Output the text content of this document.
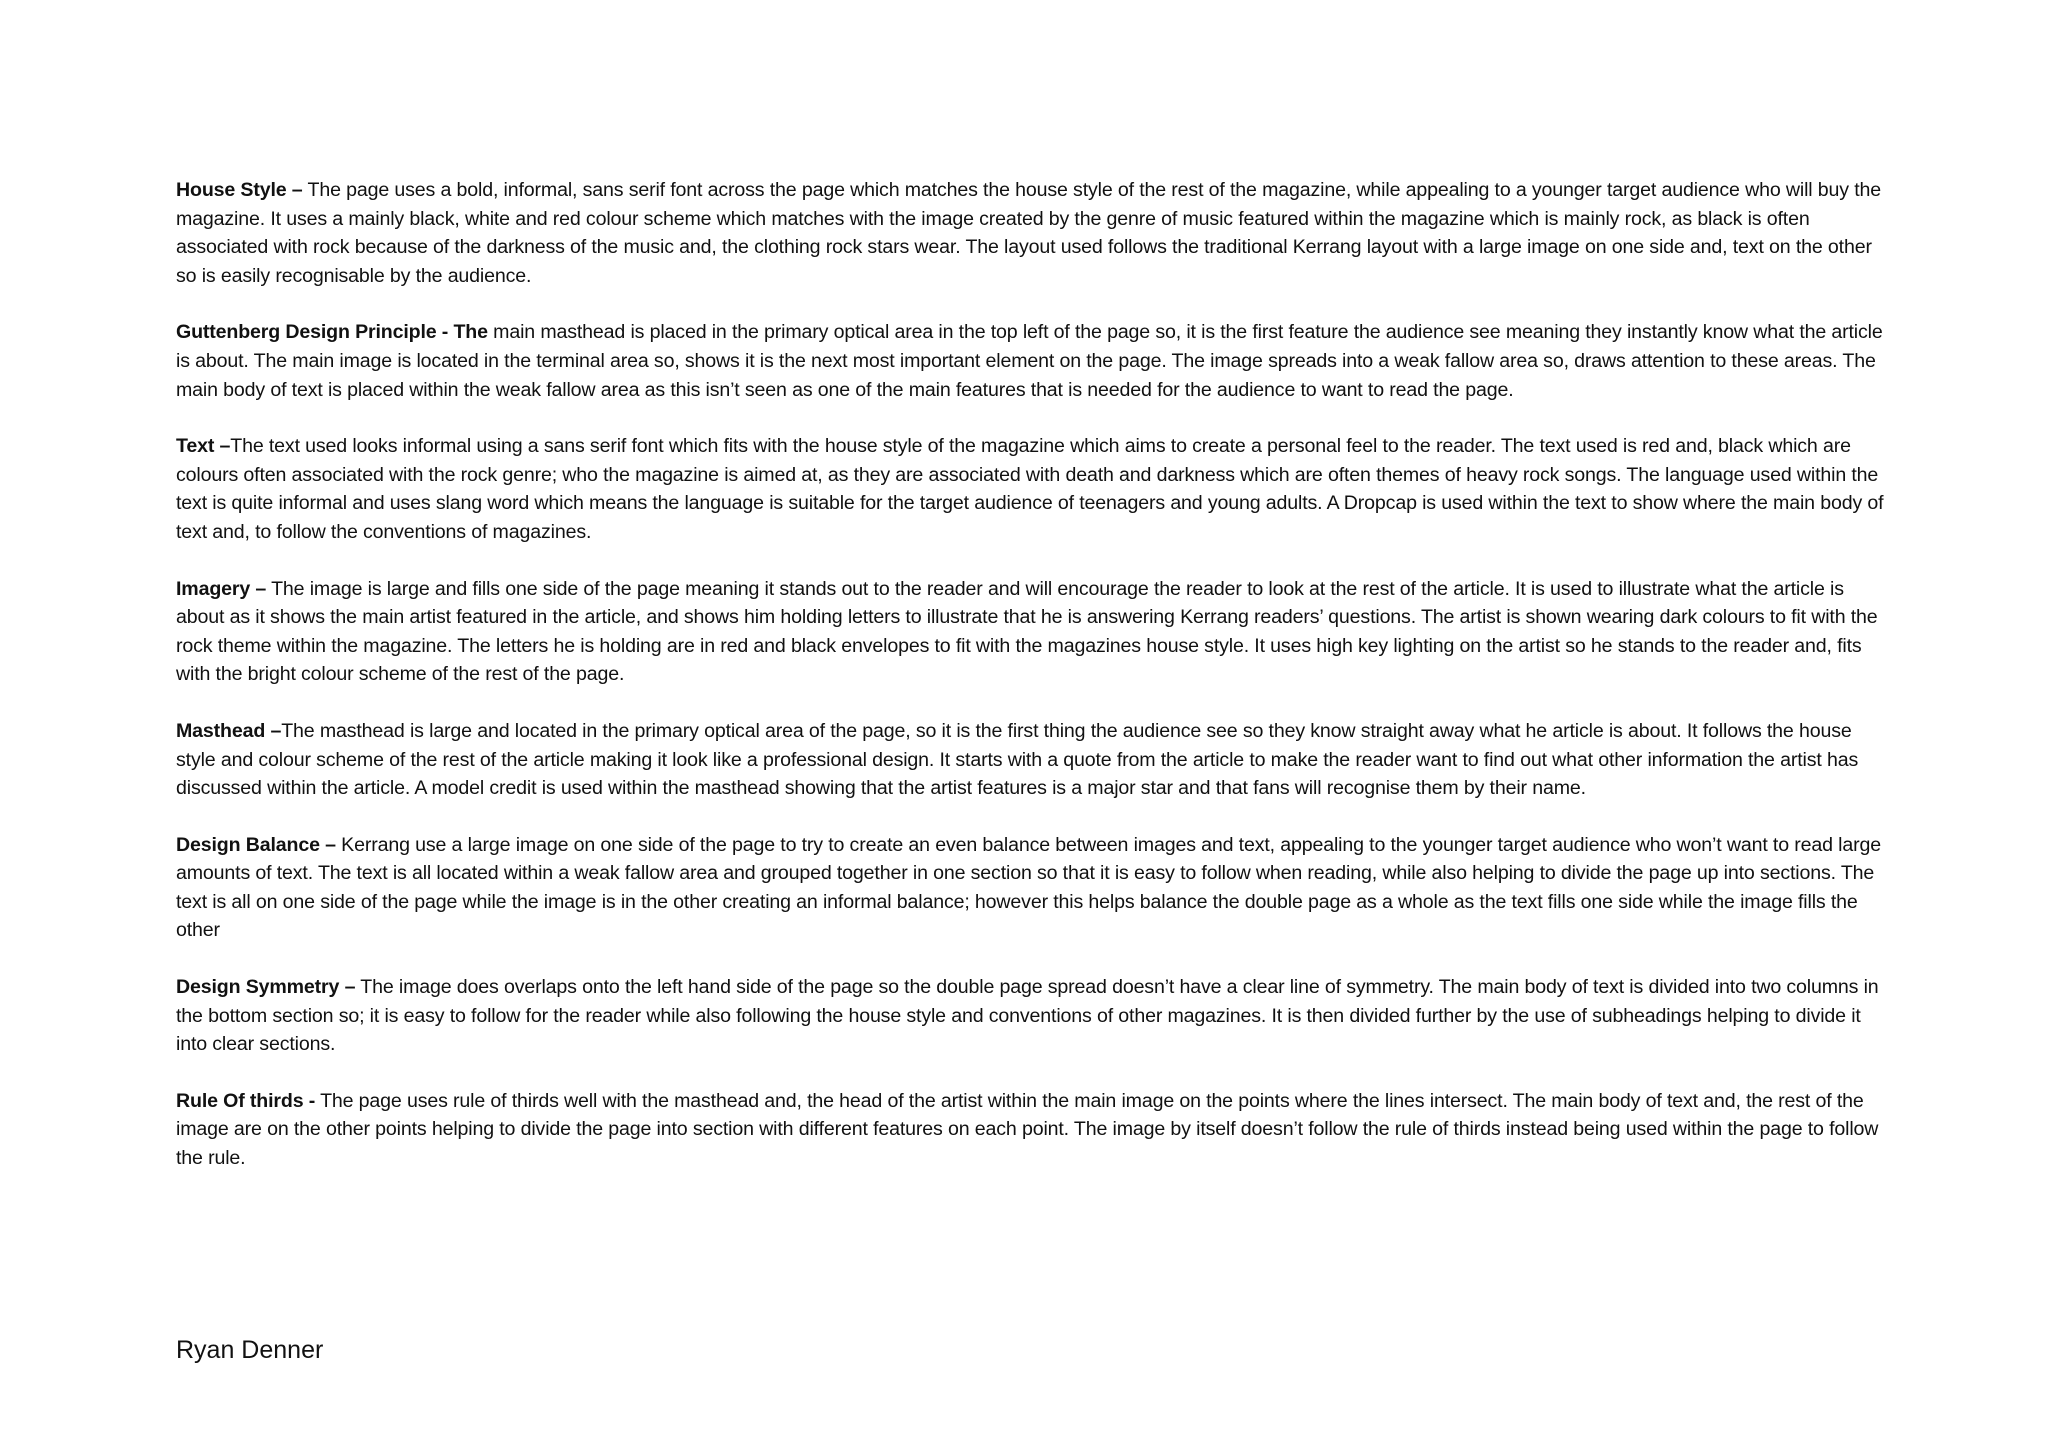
House Style – The page uses a bold, informal, sans serif font across the page which matches the house style of the rest of the magazine, while appealing to a younger target audience who will buy the magazine. It uses a mainly black, white and red colour scheme which matches with the image created by the genre of music featured within the magazine which is mainly rock, as black is often associated with rock because of the darkness of the music and, the clothing rock stars wear. The layout used follows the traditional Kerrang layout with a large image on one side and, text on the other so is easily recognisable by the audience.

Guttenberg Design Principle - The main masthead is placed in the primary optical area in the top left of the page so, it is the first feature the audience see meaning they instantly know what the article is about. The main image is located in the terminal area so, shows it is the next most important element on the page. The image spreads into a weak fallow area so, draws attention to these areas. The main body of text is placed within the weak fallow area as this isn’t seen as one of the main features that is needed for the audience to want to read the page.

Text –The text used looks informal using a sans serif font which fits with the house style of the magazine which aims to create a personal feel to the reader. The text used is red and, black which are colours often associated with the rock genre; who the magazine is aimed at, as they are associated with death and darkness which are often themes of heavy rock songs. The language used within the text is quite informal and uses slang word which means the language is suitable for the target audience of teenagers and young adults. A Dropcap is used within the text to show where the main body of text and, to follow the conventions of magazines.

Imagery – The image is large and fills one side of the page meaning it stands out to the reader and will encourage the reader to look at the rest of the article. It is used to illustrate what the article is about as it shows the main artist featured in the article, and shows him holding letters to illustrate that he is answering Kerrang readers’ questions. The artist is shown wearing dark colours to fit with the rock theme within the magazine. The letters he is holding are in red and black envelopes to fit with the magazines house style. It uses high key lighting on the artist so he stands to the reader and, fits with the bright colour scheme of the rest of the page.

Masthead –The masthead is large and located in the primary optical area of the page, so it is the first thing the audience see so they know straight away what he article is about. It follows the house style and colour scheme of the rest of the article making it look like a professional design. It starts with a quote from the article to make the reader want to find out what other information the artist has discussed within the article. A model credit is used within the masthead showing that the artist features is a major star and that fans will recognise them by their name.

Design Balance – Kerrang use a large image on one side of the page to try to create an even balance between images and text, appealing to the younger target audience who won’t want to read large amounts of text. The text is all located within a weak fallow area and grouped together in one section so that it is easy to follow when reading, while also helping to divide the page up into sections. The text is all on one side of the page while the image is in the other creating an informal balance; however this helps balance the double page as a whole as the text fills one side while the image fills the other

Design Symmetry – The image does overlaps onto the left hand side of the page so the double page spread doesn’t have a clear line of symmetry. The main body of text is divided into two columns in the bottom section so; it is easy to follow for the reader while also following the house style and conventions of other magazines. It is then divided further by the use of subheadings helping to divide it into clear sections.

Rule Of thirds - The page uses rule of thirds well with the masthead and, the head of the artist within the main image on the points where the lines intersect. The main body of text and, the rest of the image are on the other points helping to divide the page into section with different features on each point. The image by itself doesn’t follow the rule of thirds instead being used within the page to follow the rule.

Ryan Denner
